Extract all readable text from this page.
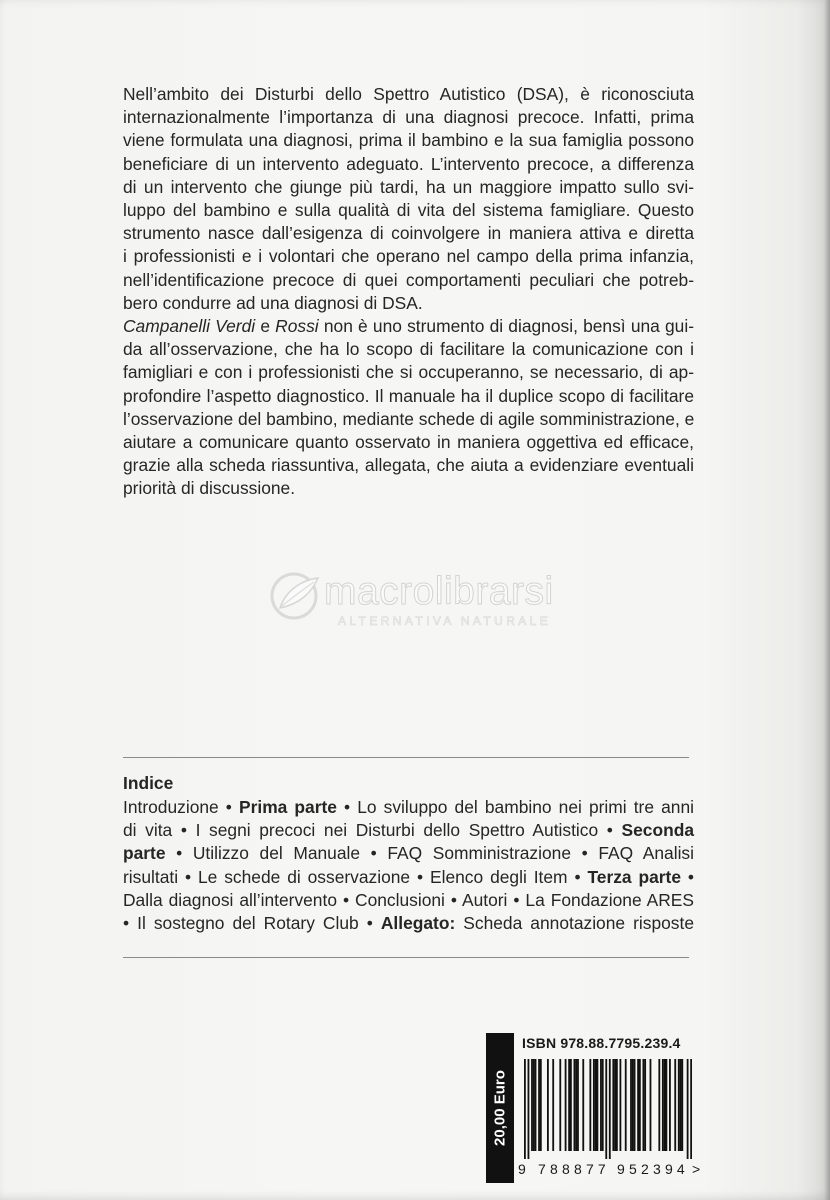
Nell’ambito dei Disturbi dello Spettro Autistico (DSA), è riconosciuta
internazionalmente l’importanza di una diagnosi precoce. Infatti, prima
viene formulata una diagnosi, prima il bambino e la sua famiglia possono
beneficiare di un intervento adeguato. L’intervento precoce, a differenza
di un intervento che giunge più tardi, ha un maggiore impatto sullo svi-
luppo del bambino e sulla qualità di vita del sistema famigliare. Questo
strumento nasce dall’esigenza di coinvolgere in maniera attiva e diretta
i professionisti e i volontari che operano nel campo della prima infanzia,
nell’identificazione precoce di quei comportamenti peculiari che potreb-
bero condurre ad una diagnosi di DSA.
Campanelli Verdi e Rossi non è uno strumento di diagnosi, bensì una gui-
da all’osservazione, che ha lo scopo di facilitare la comunicazione con i
famigliari e con i professionisti che si occuperanno, se necessario, di ap-
profondire l’aspetto diagnostico. Il manuale ha il duplice scopo di facilitare
l’osservazione del bambino, mediante schede di agile somministrazione, e
aiutare a comunicare quanto osservato in maniera oggettiva ed efficace,
grazie alla scheda riassuntiva, allegata, che aiuta a evidenziare eventuali
priorità di discussione.
macrolibrarsi
ALTERNATIVA NATURALE
Indice
Introduzione • Prima parte • Lo sviluppo del bambino nei primi tre anni
di vita • I segni precoci nei Disturbi dello Spettro Autistico • Seconda
parte • Utilizzo del Manuale • FAQ Somministrazione • FAQ Analisi
risultati • Le schede di osservazione • Elenco degli Item • Terza parte •
Dalla diagnosi all’intervento • Conclusioni • Autori • La Fondazione ARES
• Il sostegno del Rotary Club • Allegato: Scheda annotazione risposte
20,00 Euro
ISBN 978.88.7795.239.4
9 788877 952394 >
